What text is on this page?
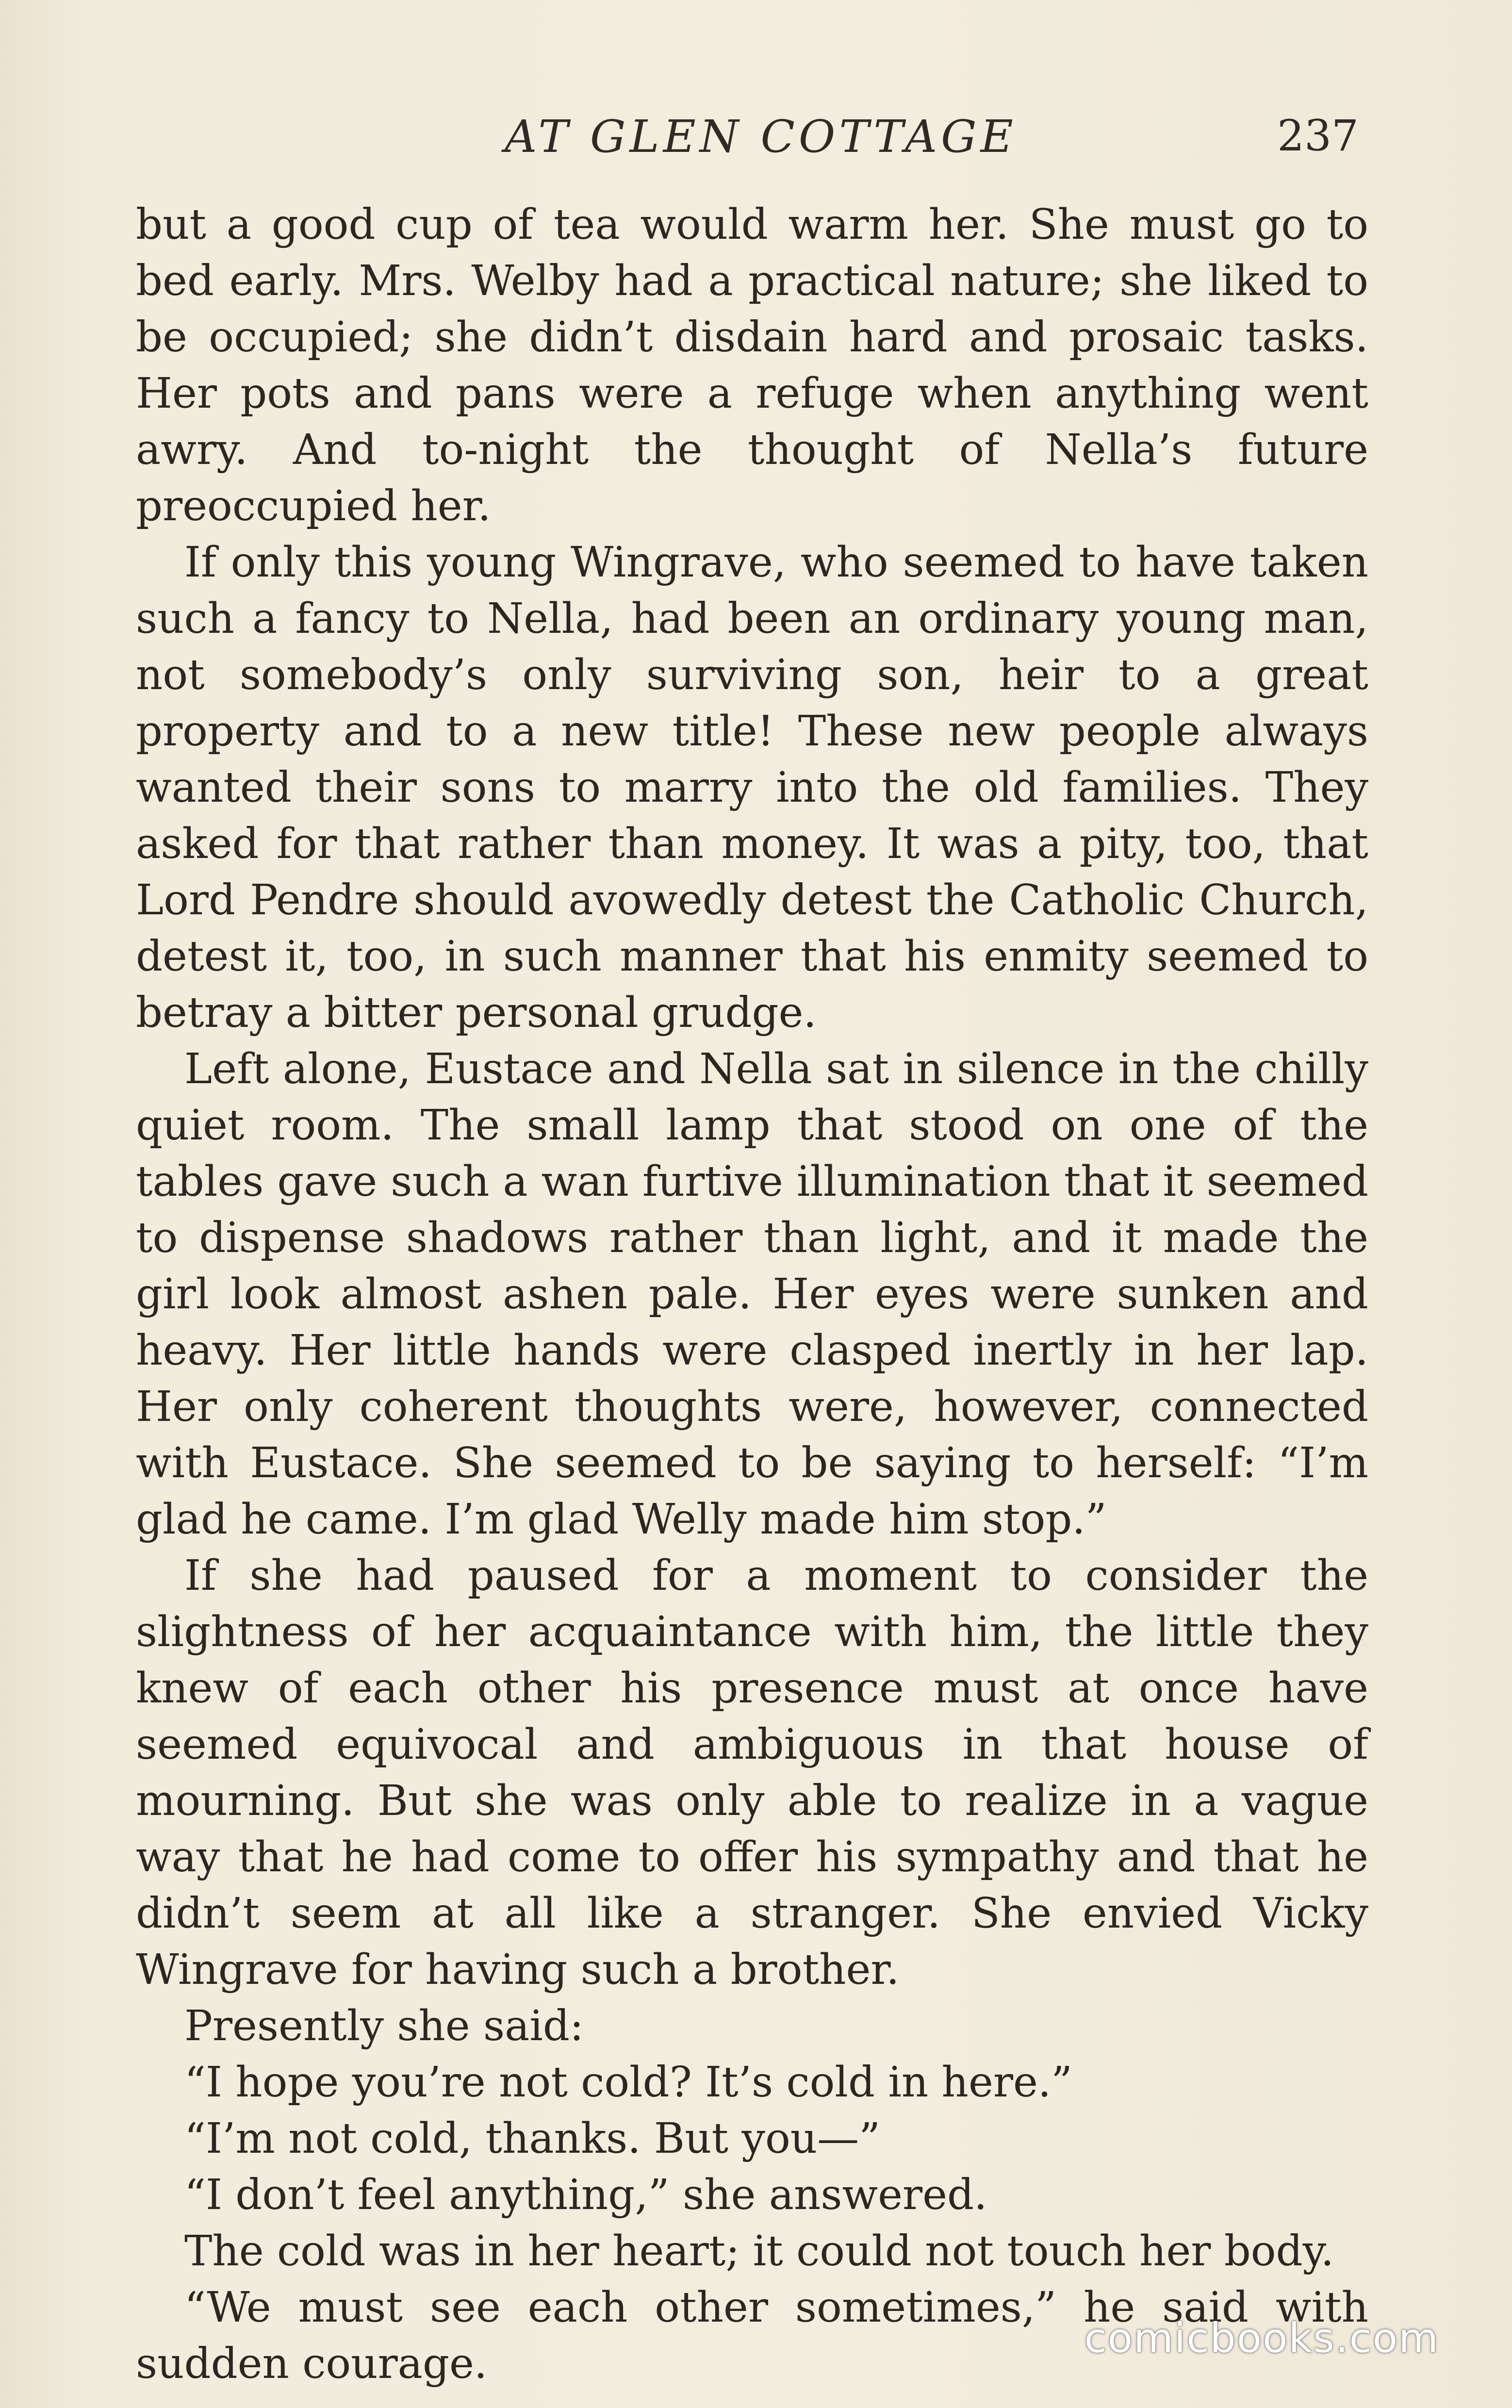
AT GLEN COTTAGE	237

but a good cup of tea would warm her. She must go to bed early. Mrs. Welby had a practical nature; she liked to be occupied; she didn’t disdain hard and prosaic tasks. Her pots and pans were a refuge when anything went awry. And to-night the thought of Nella’s future preoccupied her.

If only this young Wingrave, who seemed to have taken such a fancy to Nella, had been an ordinary young man, not somebody’s only surviving son, heir to a great property and to a new title! These new people always wanted their sons to marry into the old families. They asked for that rather than money. It was a pity, too, that Lord Pendre should avowedly detest the Catholic Church, detest it, too, in such manner that his enmity seemed to betray a bitter personal grudge.

Left alone, Eustace and Nella sat in silence in the chilly quiet room. The small lamp that stood on one of the tables gave such a wan furtive illumination that it seemed to dispense shadows rather than light, and it made the girl look almost ashen pale. Her eyes were sunken and heavy. Her little hands were clasped inertly in her lap. Her only coherent thoughts were, however, connected with Eustace. She seemed to be saying to herself: “I’m glad he came. I’m glad Welly made him stop.”

If she had paused for a moment to consider the slightness of her acquaintance with him, the little they knew of each other his presence must at once have seemed equivocal and ambiguous in that house of mourning. But she was only able to realize in a vague way that he had come to offer his sympathy and that he didn’t seem at all like a stranger. She envied Vicky Wingrave for having such a brother.

Presently she said:

“I hope you’re not cold? It’s cold in here.”

“I’m not cold, thanks. But you—”

“I don’t feel anything,” she answered.

The cold was in her heart; it could not touch her body.

“We must see each other sometimes,” he said with sudden courage.

comicbooks.com
